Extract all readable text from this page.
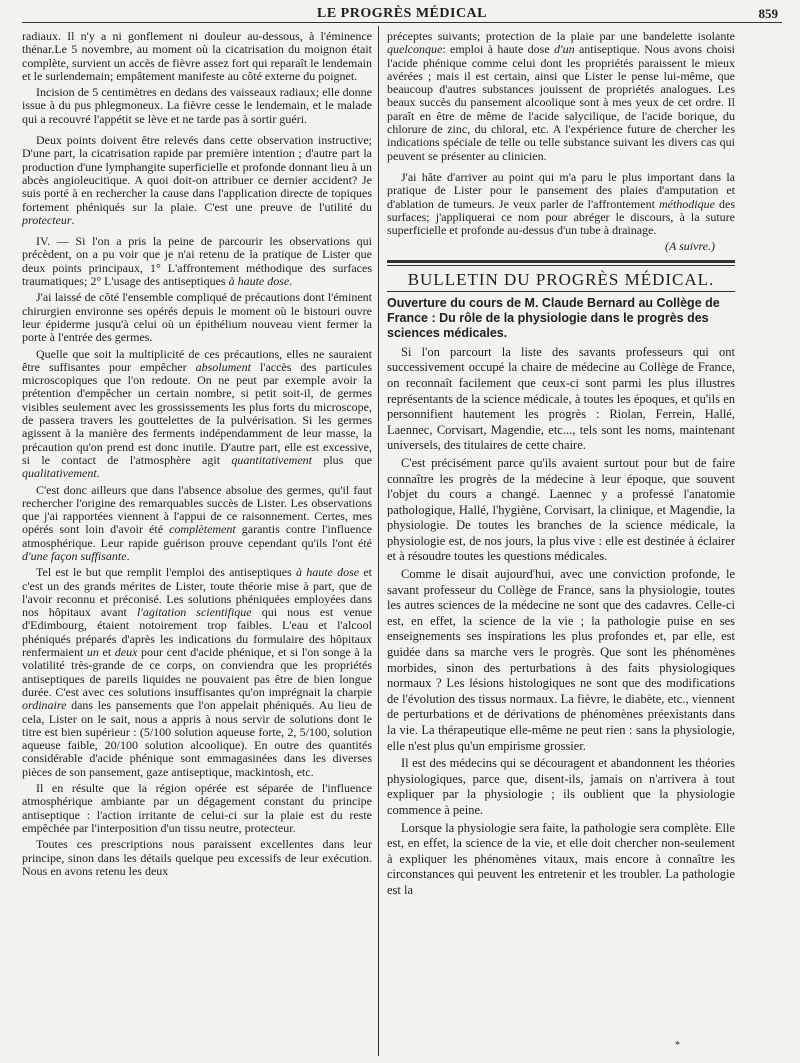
LE PROGRÈS MÉDICAL	859

radiaux. Il n'y a ni gonflement ni douleur au-dessous, à l'éminence thénar.Le 5 novembre, au moment où la cicatrisation du moignon était complète, survient un accès de fièvre assez fort qui reparaît le lendemain et le surlendemain; empâtement manifeste au côté externe du poignet.

Incision de 5 centimètres en dedans des vaisseaux radiaux; elle donne issue à du pus phlegmoneux. La fièvre cesse le lendemain, et le malade qui a recouvré l'appétit se lève et ne tarde pas à sortir guéri.

Deux points doivent être relevés dans cette observation instructive; D'une part, la cicatrisation rapide par première intention ; d'autre part la production d'une lymphangite superficielle et profonde donnant lieu à un abcès angioleucitique. A quoi doit-on attribuer ce dernier accident? Je suis porté à en rechercher la cause dans l'application directe de topiques fortement phéniqués sur la plaie. C'est une preuve de l'utilité du protecteur.

IV. — Si l'on a pris la peine de parcourir les observations qui précèdent, on a pu voir que je n'ai retenu de la pratique de Lister que deux points principaux, 1° L'affrontement méthodique des surfaces traumatiques; 2° L'usage des antiseptiques à haute dose.

J'ai laissé de côté l'ensemble compliqué de précautions dont l'éminent chirurgien environne ses opérés depuis le moment où le bistouri ouvre leur épiderme jusqu'à celui où un épithélium nouveau vient fermer la porte à l'entrée des germes.

Quelle que soit la multiplicité de ces précautions, elles ne sauraient être suffisantes pour empêcher absolument l'accès des particules microscopiques que l'on redoute. On ne peut par exemple avoir la prétention d'empêcher un certain nombre, si petit soit-il, de germes visibles seulement avec les grossissements les plus forts du microscope, de passera travers les gouttelettes de la pulvérisation. Si les germes agissent à la manière des ferments indépendamment de leur masse, la précaution qu'on prend est donc inutile. D'autre part, elle est excessive, si le contact de l'atmosphère agit quantitativement plus que qualitativement.

C'est donc ailleurs que dans l'absence absolue des germes, qu'il faut rechercher l'origine des remarquables succès de Lister. Les observations que j'ai rapportées viennent à l'appui de ce raisonnement. Certes, mes opérés sont loin d'avoir été complètement garantis contre l'influence atmosphérique. Leur rapide guérison prouve cependant qu'ils l'ont été d'une façon suffisante.

Tel est le but que remplit l'emploi des antiseptiques à haute dose et c'est un des grands mérites de Lister, toute théorie mise à part, que de l'avoir reconnu et préconisé. Les solutions phéniquées employées dans nos hôpitaux avant l'agitation scientifique qui nous est venue d'Edimbourg, étaient notoirement trop faibles. L'eau et l'alcool phéniqués préparés d'après les indications du formulaire des hôpitaux renfermaient un et deux pour cent d'acide phénique, et si l'on songe à la volatilité très-grande de ce corps, on conviendra que les propriétés antiseptiques de pareils liquides ne pouvaient pas être de bien longue durée. C'est avec ces solutions insuffisantes qu'on imprégnait la charpie ordinaire dans les pansements que l'on appelait phéniqués. Au lieu de cela, Lister on le sait, nous a appris à nous servir de solutions dont le titre est bien supérieur : (5/100 solution aqueuse forte, 2, 5/100, solution aqueuse faible, 20/100 solution alcoolique). En outre des quantités considérable d'acide phénique sont emmagasinées dans les diverses pièces de son pansement, gaze antiseptique, mackintosh, etc.

Il en résulte que la région opérée est séparée de l'influence atmosphérique ambiante par un dégagement constant du principe antiseptique : l'action irritante de celui-ci sur la plaie est du reste empêchée par l'interposition d'un tissu neutre, protecteur.

Toutes ces prescriptions nous paraissent excellentes dans leur principe, sinon dans les détails quelque peu excessifs de leur exécution. Nous en avons retenu les deux

préceptes suivants; protection de la plaie par une bandelette isolante quelconque: emploi à haute dose d'un antiseptique. Nous avons choisi l'acide phénique comme celui dont les propriétés paraissent le mieux avérées ; mais il est certain, ainsi que Lister le pense lui-même, que beaucoup d'autres substances jouissent de propriétés analogues. Les beaux succès du pansement alcoolique sont à mes yeux de cet ordre. Il paraît en être de même de l'acide salycilique, de l'acide borique, du chlorure de zinc, du chloral, etc. A l'expérience future de chercher les indications spéciale de telle ou telle substance suivant les divers cas qui peuvent se présenter au clinicien.

J'ai hâte d'arriver au point qui m'a paru le plus important dans la pratique de Lister pour le pansement des plaies d'amputation et d'ablation de tumeurs. Je veux parler de l'affrontement méthodique des surfaces; j'appliquerai ce nom pour abréger le discours, à la suture superficielle et profonde au-dessus d'un tube à drainage.

(A suivre.)

BULLETIN DU PROGRÈS MÉDICAL.
Ouverture du cours de M. Claude Bernard au Collège de France : Du rôle de la physiologie dans le progrès des sciences médicales.

Si l'on parcourt la liste des savants professeurs qui ont successivement occupé la chaire de médecine au Collège de France, on reconnaît facilement que ceux-ci sont parmi les plus illustres représentants de la science médicale, à toutes les époques, et qu'ils en personnifient hautement les progrès : Riolan, Ferrein, Hallé, Laennec, Corvisart, Magendie, etc..., tels sont les noms, maintenant universels, des titulaires de cette chaire.

C'est précisément parce qu'ils avaient surtout pour but de faire connaître les progrès de la médecine à leur époque, que souvent l'objet du cours a changé. Laennec y a professé l'anatomie pathologique, Hallé, l'hygiène, Corvisart, la clinique, et Magendie, la physiologie. De toutes les branches de la science médicale, la physiologie est, de nos jours, la plus vive : elle est destinée à éclairer et à résoudre toutes les questions médicales.

Comme le disait aujourd'hui, avec une conviction profonde, le savant professeur du Collège de France, sans la physiologie, toutes les autres sciences de la médecine ne sont que des cadavres. Celle-ci est, en effet, la science de la vie ; la pathologie puise en ses enseignements ses inspirations les plus profondes et, par elle, est guidée dans sa marche vers le progrès. Que sont les phénomènes morbides, sinon des perturbations à des faits physiologiques normaux ? Les lésions histologiques ne sont que des modifications de l'évolution des tissus normaux. La fièvre, le diabète, etc., viennent de perturbations et de dérivations de phénomènes préexistants dans la vie. La thérapeutique elle-même ne peut rien : sans la physiologie, elle n'est plus qu'un empirisme grossier.

Il est des médecins qui se découragent et abandonnent les théories physiologiques, parce que, disent-ils, jamais on n'arrivera à tout expliquer par la physiologie ; ils oublient que la physiologie commence à peine.

Lorsque la physiologie sera faite, la pathologie sera complète. Elle est, en effet, la science de la vie, et elle doit chercher non-seulement à expliquer les phénomènes vitaux, mais encore à connaître les circonstances qui peuvent les entretenir et les troubler. La pathologie est la

*
